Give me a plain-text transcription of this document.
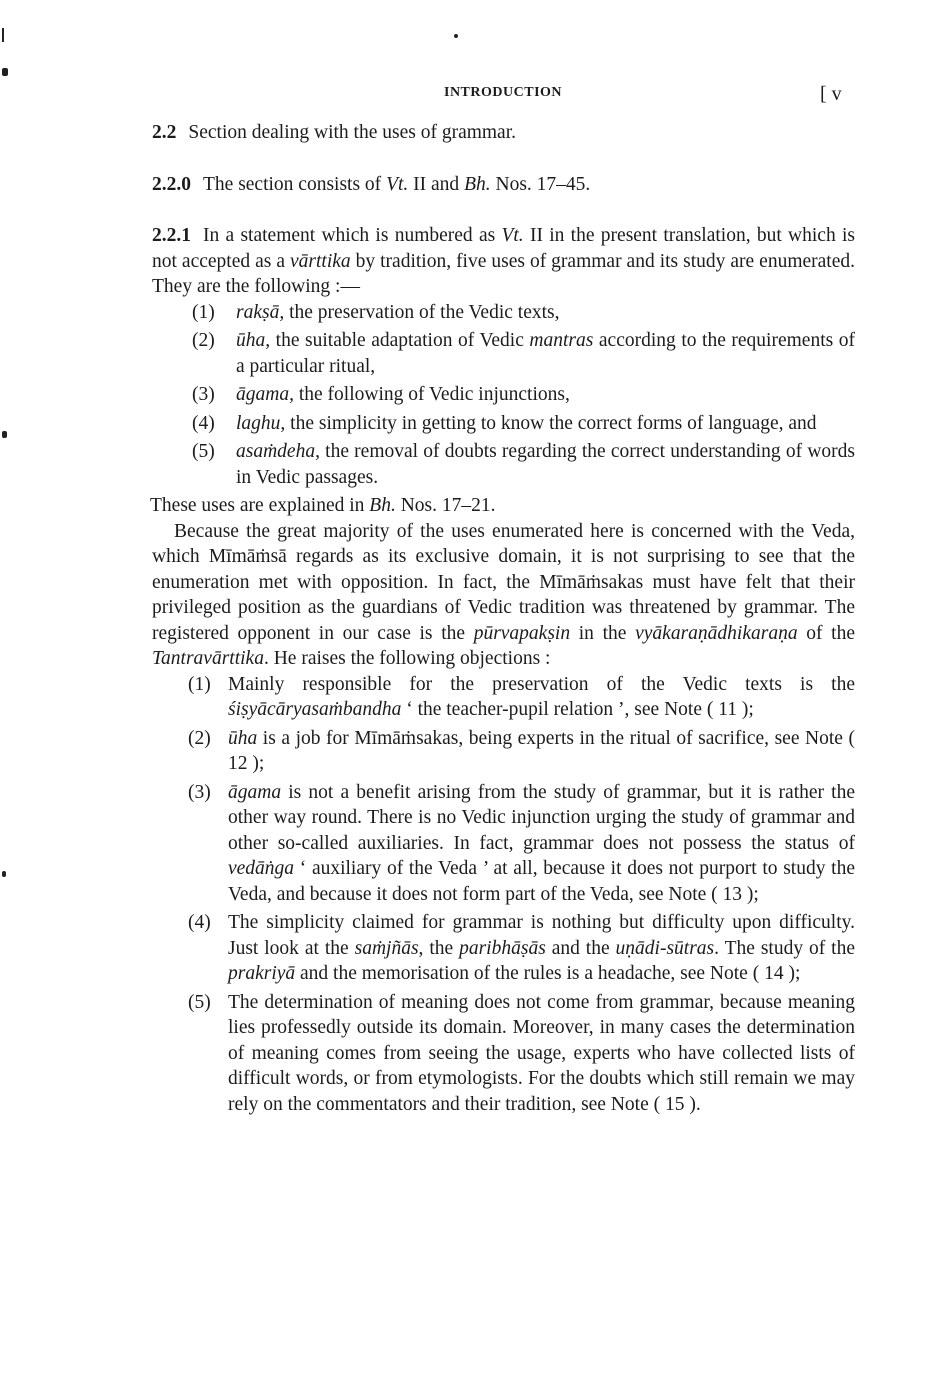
INTRODUCTION	[ v

2.2 Section dealing with the uses of grammar.

2.2.0 The section consists of Vt. II and Bh. Nos. 17–45.

2.2.1 In a statement which is numbered as Vt. II in the present translation, but which is not accepted as a vārttika by tradition, five uses of grammar and its study are enumerated. They are the following :—

(1) rakṣā, the preservation of the Vedic texts,
(2) ūha, the suitable adaptation of Vedic mantras according to the requirements of a particular ritual,
(3) āgama, the following of Vedic injunctions,
(4) laghu, the simplicity in getting to know the correct forms of language, and
(5) asaṁdeha, the removal of doubts regarding the correct understanding of words in Vedic passages.

These uses are explained in Bh. Nos. 17–21.

Because the great majority of the uses enumerated here is concerned with the Veda, which Mīmāṁsā regards as its exclusive domain, it is not surprising to see that the enumeration met with opposition. In fact, the Mīmāṁsakas must have felt that their privileged position as the guardians of Vedic tradition was threatened by grammar. The registered opponent in our case is the pūrvapakṣin in the vyākaraṇādhikaraṇa of the Tantravārttika. He raises the following objections :

(1) Mainly responsible for the preservation of the Vedic texts is the śiṣyācāryasaṁbandha ‘ the teacher-pupil relation ’, see Note ( 11 );
(2) ūha is a job for Mīmāṁsakas, being experts in the ritual of sacrifice, see Note ( 12 );
(3) āgama is not a benefit arising from the study of grammar, but it is rather the other way round. There is no Vedic injunction urging the study of grammar and other so-called auxiliaries. In fact, grammar does not possess the status of vedāṅga ‘ auxiliary of the Veda ’ at all, because it does not purport to study the Veda, and because it does not form part of the Veda, see Note ( 13 );
(4) The simplicity claimed for grammar is nothing but difficulty upon difficulty. Just look at the saṁjñās, the paribhāṣās and the uṇādi-sūtras. The study of the prakriyā and the memorisation of the rules is a headache, see Note ( 14 );
(5) The determination of meaning does not come from grammar, because meaning lies professedly outside its domain. Moreover, in many cases the determination of meaning comes from seeing the usage, experts who have collected lists of difficult words, or from etymologists. For the doubts which still remain we may rely on the commentators and their tradition, see Note ( 15 ).
